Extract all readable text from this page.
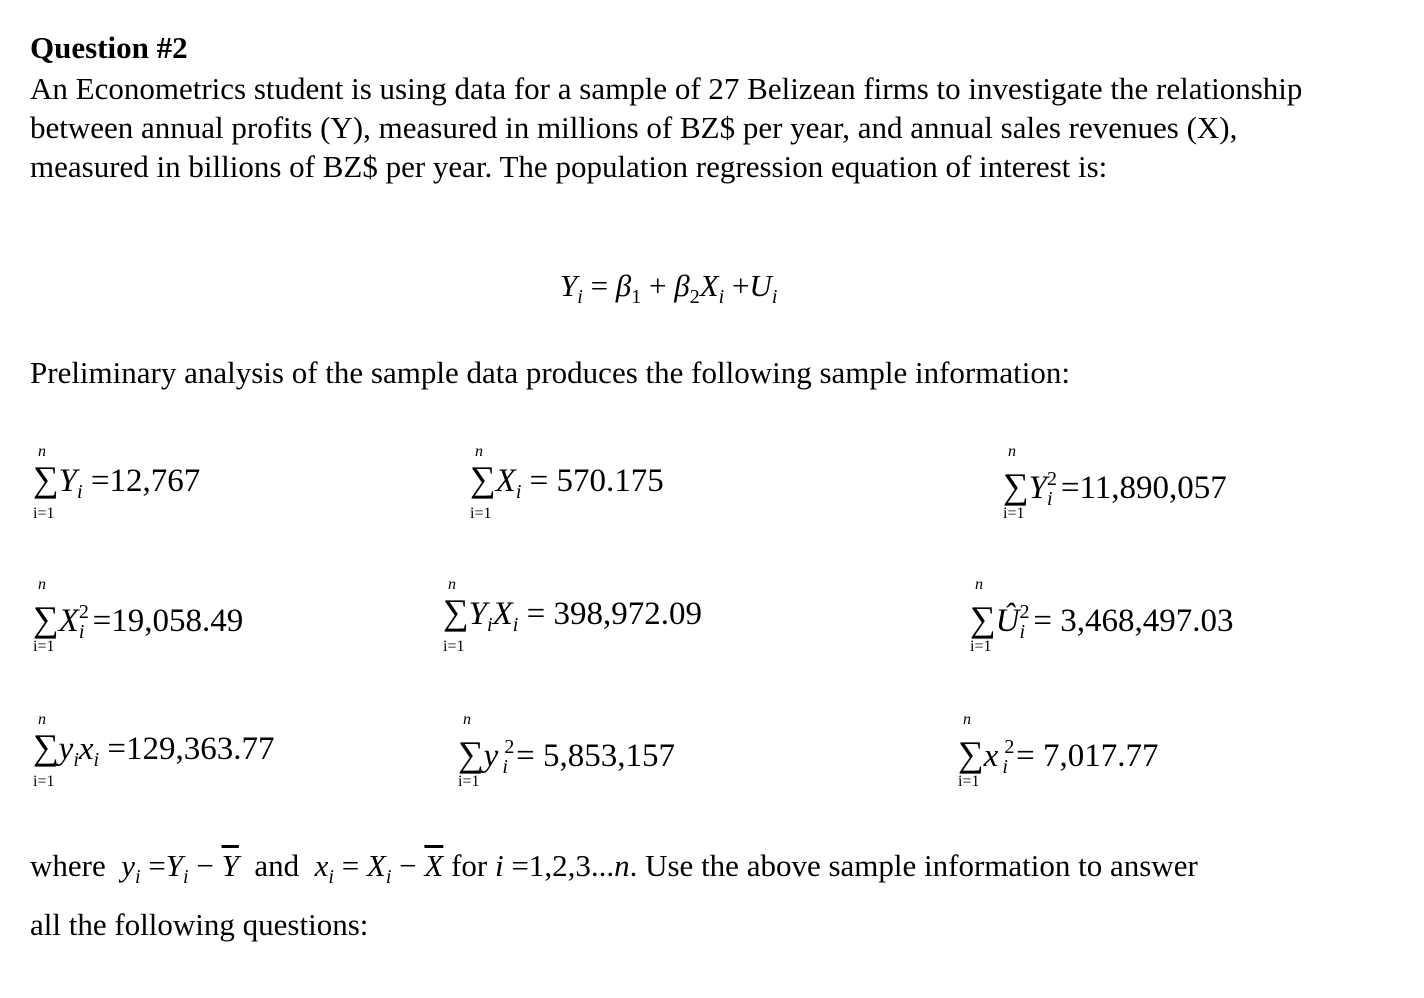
Question #2

An Econometrics student is using data for a sample of 27 Belizean firms to investigate the relationship between annual profits (Y), measured in millions of BZ$ per year, and annual sales revenues (X), measured in billions of BZ$ per year. The population regression equation of interest is:

$Y_i = \beta_1 + \beta_2X_i +U_i$
Preliminary analysis of the sample data produces the following sample information:
n
$\sum Y_i =12,767$
i=1
n
$\sum X_i = 570.175$
i=1
n
$\sum Y^2_i =11,890,057$
i=1
n
$\sum X^2_i =19,058.49$
i=1
n
$\sum Y_iX_i = 398,972.09$
i=1
n
$\sum Û^2_i = 3,468,497.03$
i=1
n
$\sum y_ix_i =129,363.77$
i=1
n
∑y $^2_i$ = 5,853,157
i=1
n
∑x $^2_i$ = 7,017.77
i=1
where $y_i =Y_i - \overline{Y}$ and $x_i = X_i - \overline{X}$ for i =1,2,3...n. Use the above sample information to answer
all the following questions:
